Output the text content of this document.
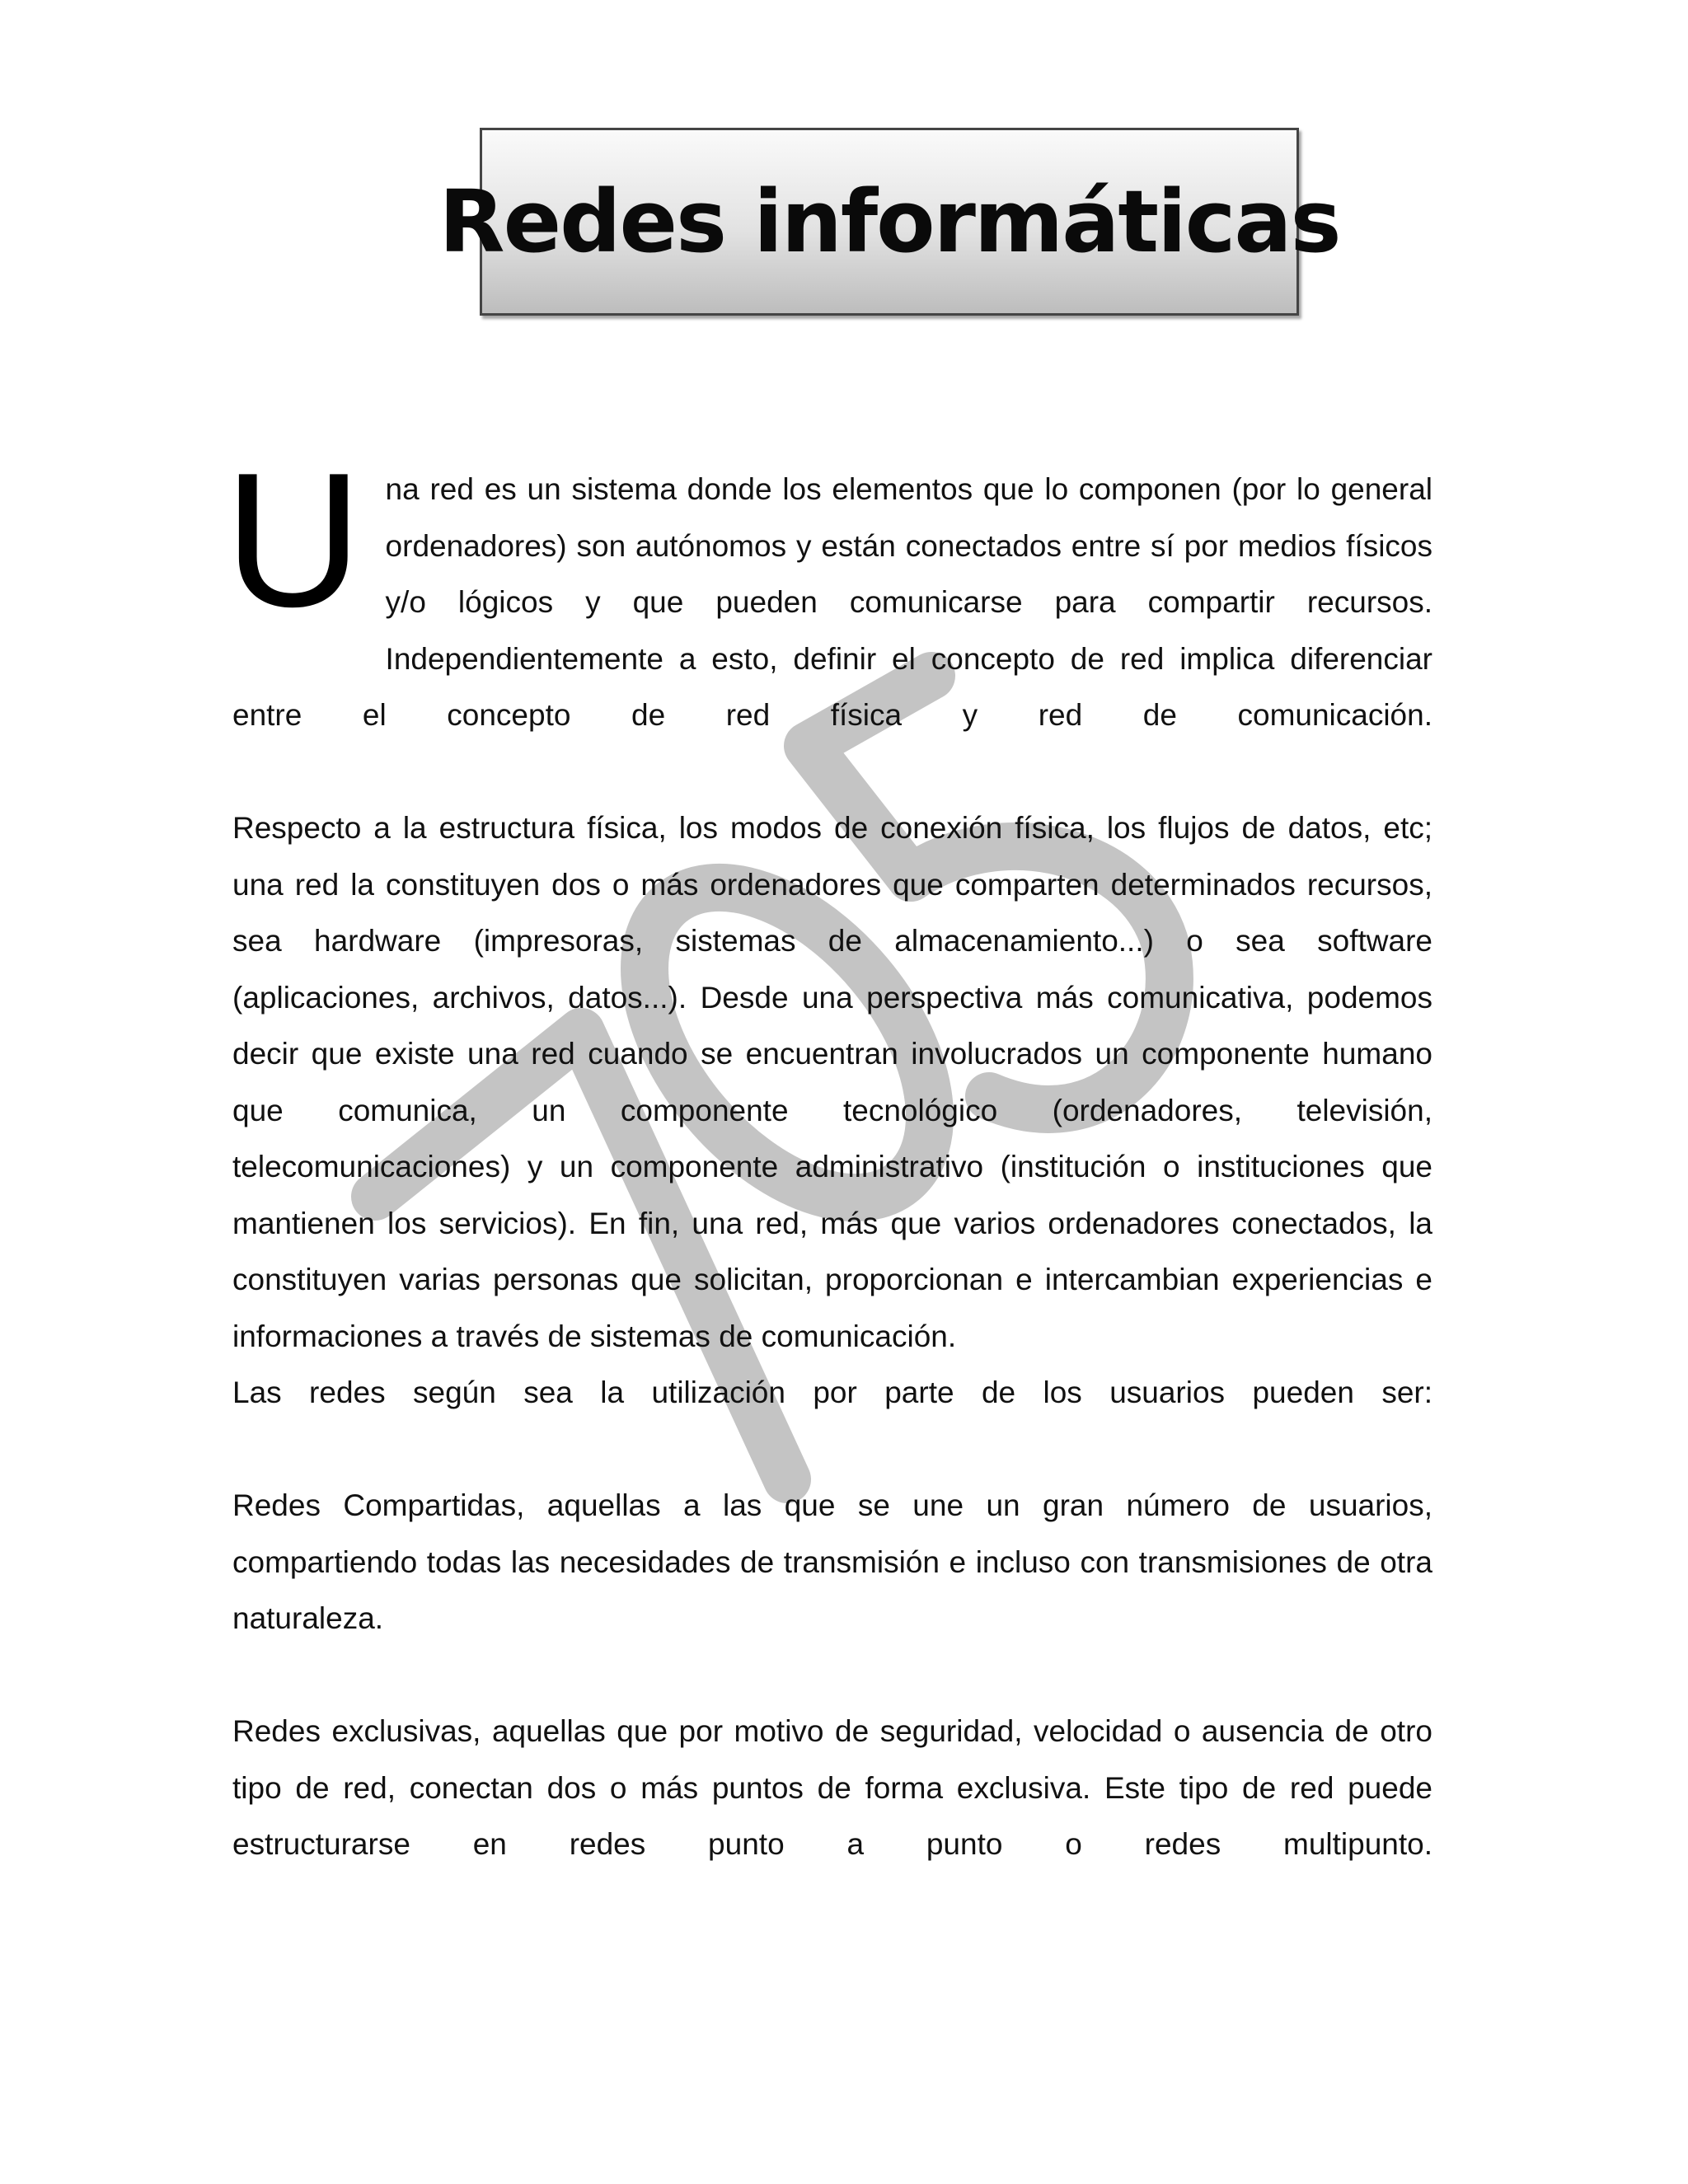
Redes informáticas

Una red es un sistema donde los elementos que lo componen (por lo general ordenadores) son autónomos y están conectados entre sí por medios físicos y/o lógicos y que pueden comunicarse para compartir recursos. Independientemente a esto, definir el concepto de red implica diferenciar entre el concepto de red física y red de comunicación.

Respecto a la estructura física, los modos de conexión física, los flujos de datos, etc; una red la constituyen dos o más ordenadores que comparten determinados recursos, sea hardware (impresoras, sistemas de almacenamiento...) o sea software (aplicaciones, archivos, datos...). Desde una perspectiva más comunicativa, podemos decir que existe una red cuando se encuentran involucrados un componente humano que comunica, un componente tecnológico (ordenadores, televisión, telecomunicaciones) y un componente administrativo (institución o instituciones que mantienen los servicios). En fin, una red, más que varios ordenadores conectados, la constituyen varias personas que solicitan, proporcionan e intercambian experiencias e informaciones a través de sistemas de comunicación.

Las redes según sea la utilización por parte de los usuarios pueden ser:

Redes Compartidas, aquellas a las que se une un gran número de usuarios, compartiendo todas las necesidades de transmisión e incluso con transmisiones de otra naturaleza.

Redes exclusivas, aquellas que por motivo de seguridad, velocidad o ausencia de otro tipo de red, conectan dos o más puntos de forma exclusiva. Este tipo de red puede estructurarse en redes punto a punto o redes multipunto.
